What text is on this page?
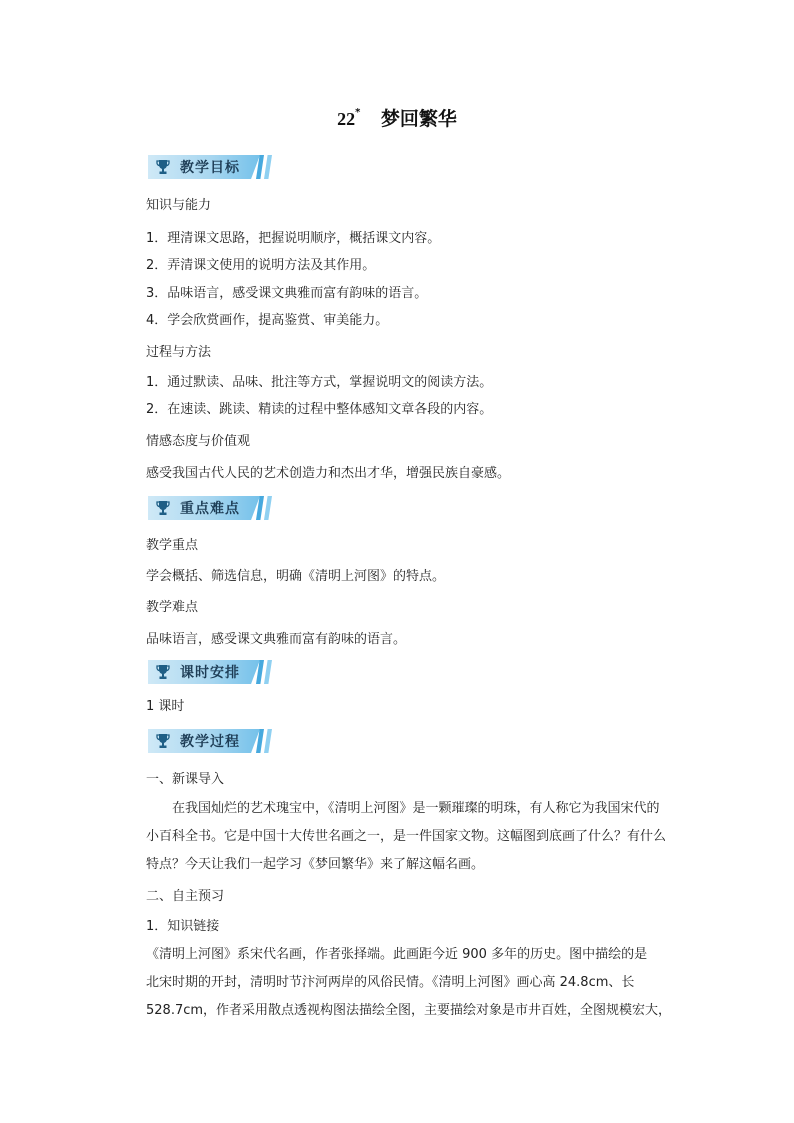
22* 梦回繁华
教学目标
知识与能力
1．理清课文思路，把握说明顺序，概括课文内容。
2．弄清课文使用的说明方法及其作用。
3．品味语言，感受课文典雅而富有韵味的语言。
4．学会欣赏画作，提高鉴赏、审美能力。
过程与方法
1．通过默读、品味、批注等方式，掌握说明文的阅读方法。
2．在速读、跳读、精读的过程中整体感知文章各段的内容。
情感态度与价值观
感受我国古代人民的艺术创造力和杰出才华，增强民族自豪感。
重点难点
教学重点
学会概括、筛选信息，明确《清明上河图》的特点。
教学难点
品味语言，感受课文典雅而富有韵味的语言。
课时安排
1 课时
教学过程
一、新课导入
在我国灿烂的艺术瑰宝中，《清明上河图》是一颗璀璨的明珠，有人称它为我国宋代的
小百科全书。它是中国十大传世名画之一，是一件国家文物。这幅图到底画了什么？有什么
特点？今天让我们一起学习《梦回繁华》来了解这幅名画。
二、自主预习
1．知识链接
《清明上河图》系宋代名画，作者张择端。此画距今近 900 多年的历史。图中描绘的是
北宋时期的开封，清明时节汴河两岸的风俗民情。《清明上河图》画心高 24.8cm、长
528.7cm，作者采用散点透视构图法描绘全图，主要描绘对象是市井百姓，全图规模宏大，
